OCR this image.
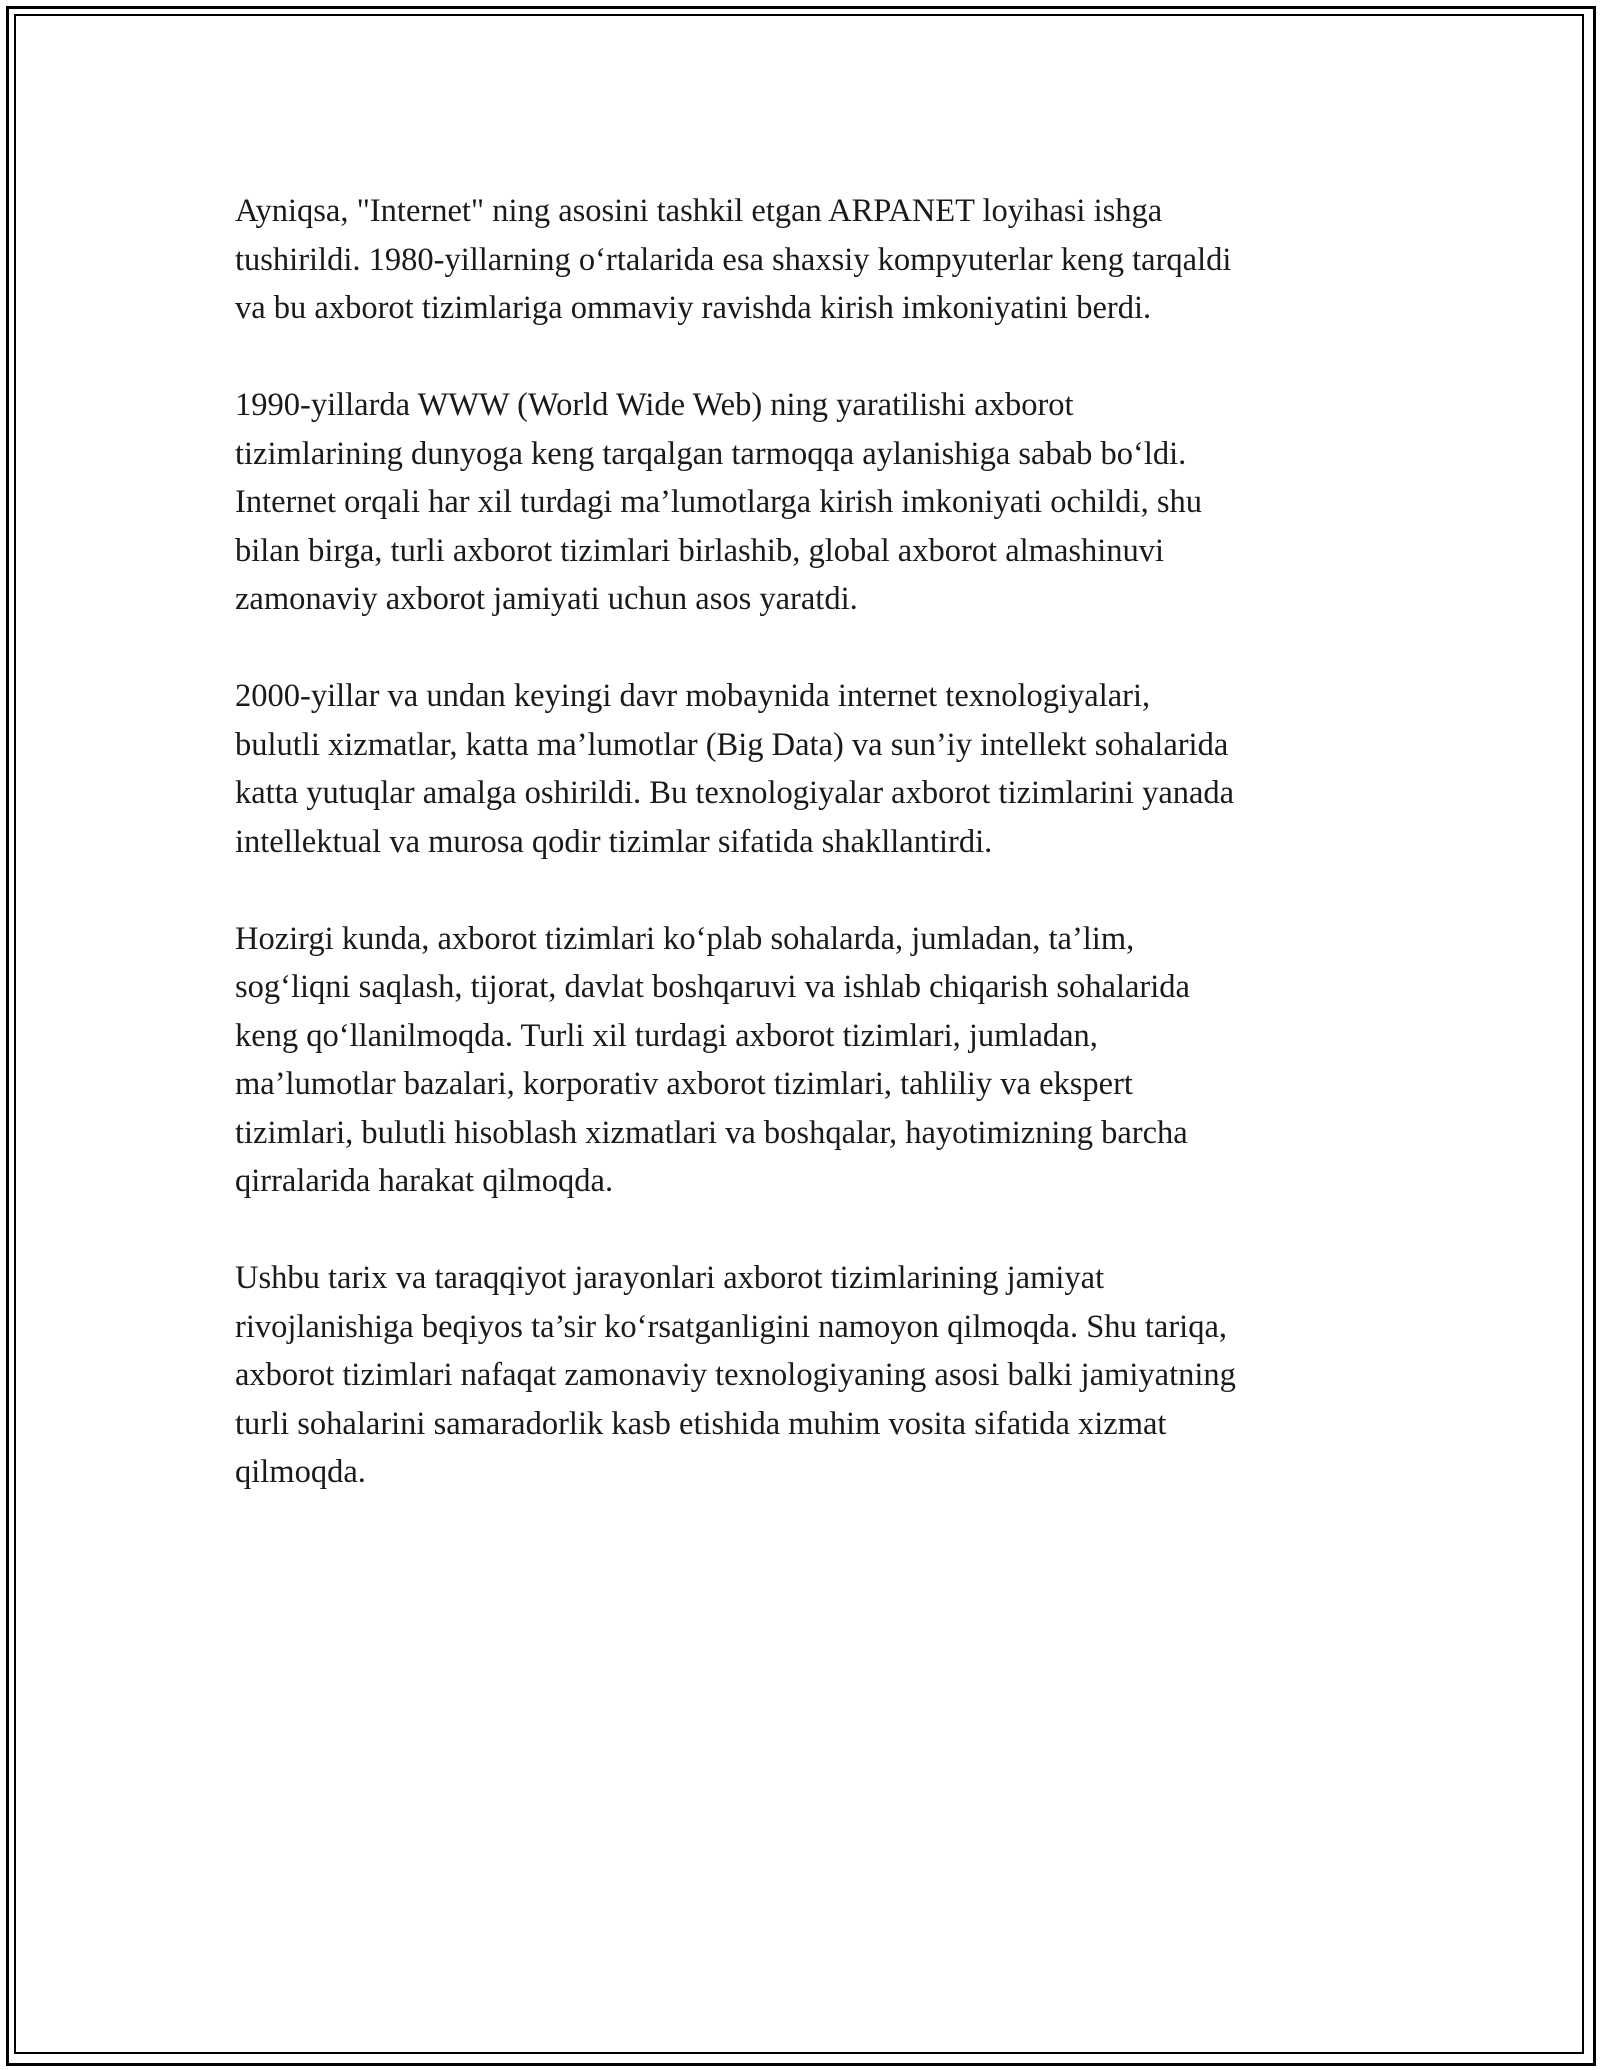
Ayniqsa, "Internet" ning asosini tashkil etgan ARPANET loyihasi ishga
tushirildi. 1980-yillarning o‘rtalarida esa shaxsiy kompyuterlar keng tarqaldi
va bu axborot tizimlariga ommaviy ravishda kirish imkoniyatini berdi.

1990-yillarda WWW (World Wide Web) ning yaratilishi axborot
tizimlarining dunyoga keng tarqalgan tarmoqqa aylanishiga sabab bo‘ldi.
Internet orqali har xil turdagi ma’lumotlarga kirish imkoniyati ochildi, shu
bilan birga, turli axborot tizimlari birlashib, global axborot almashinuvi
zamonaviy axborot jamiyati uchun asos yaratdi.

2000-yillar va undan keyingi davr mobaynida internet texnologiyalari,
bulutli xizmatlar, katta ma’lumotlar (Big Data) va sun’iy intellekt sohalarida
katta yutuqlar amalga oshirildi. Bu texnologiyalar axborot tizimlarini yanada
intellektual va murosa qodir tizimlar sifatida shakllantirdi.

Hozirgi kunda, axborot tizimlari ko‘plab sohalarda, jumladan, ta’lim,
sog‘liqni saqlash, tijorat, davlat boshqaruvi va ishlab chiqarish sohalarida
keng qo‘llanilmoqda. Turli xil turdagi axborot tizimlari, jumladan,
ma’lumotlar bazalari, korporativ axborot tizimlari, tahliliy va ekspert
tizimlari, bulutli hisoblash xizmatlari va boshqalar, hayotimizning barcha
qirralarida harakat qilmoqda.

Ushbu tarix va taraqqiyot jarayonlari axborot tizimlarining jamiyat
rivojlanishiga beqiyos ta’sir ko‘rsatganligini namoyon qilmoqda. Shu tariqa,
axborot tizimlari nafaqat zamonaviy texnologiyaning asosi balki jamiyatning
turli sohalarini samaradorlik kasb etishida muhim vosita sifatida xizmat
qilmoqda.
